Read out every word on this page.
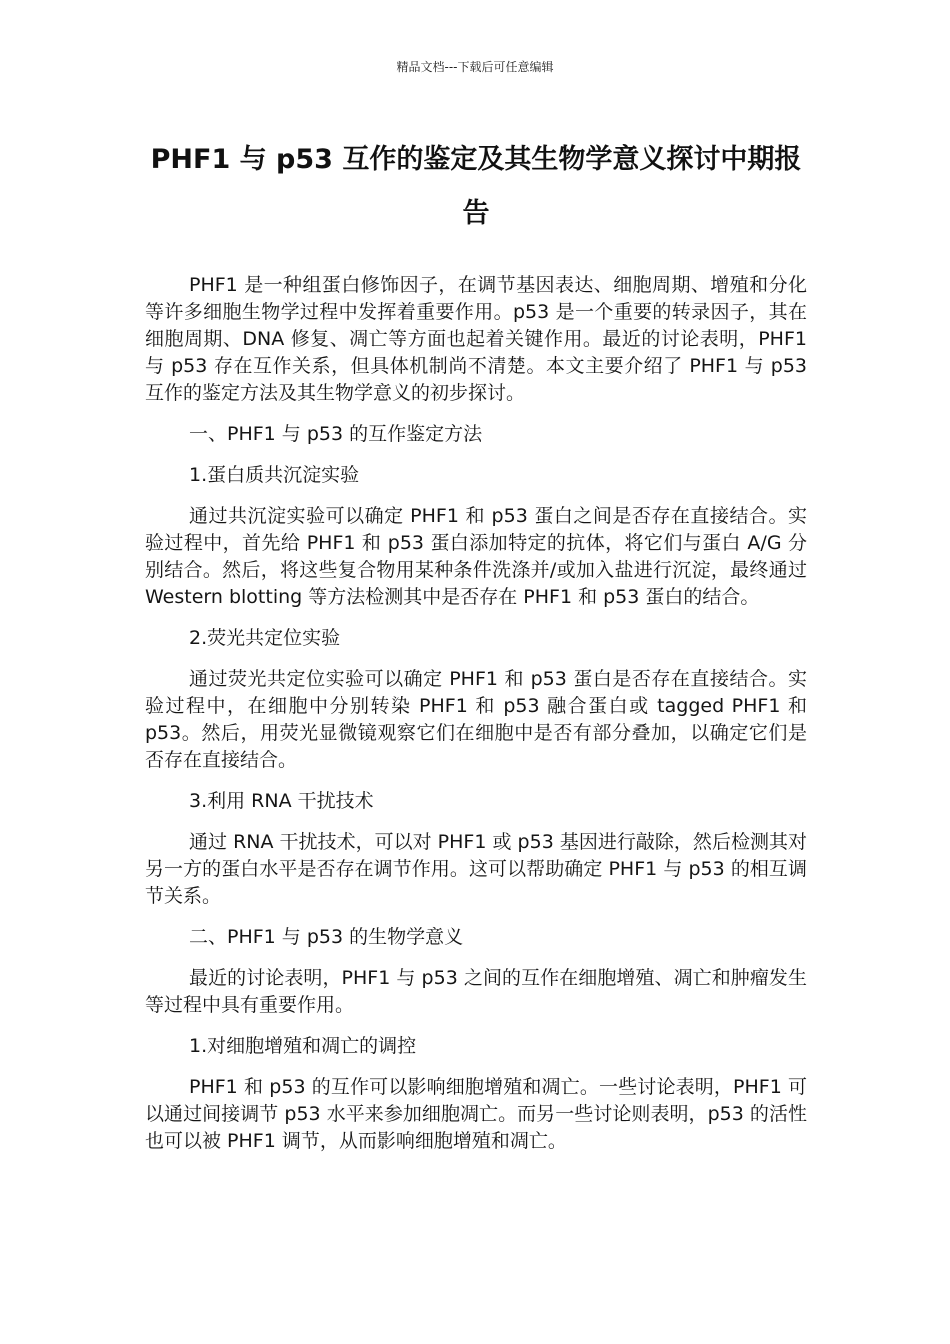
精品文档---下载后可任意编辑
PHF1 与 p53 互作的鉴定及其生物学意义探讨中期报告

PHF1 是一种组蛋白修饰因子，在调节基因表达、细胞周期、增殖和分化等许多细胞生物学过程中发挥着重要作用。p53 是一个重要的转录因子，其在细胞周期、DNA 修复、凋亡等方面也起着关键作用。最近的讨论表明，PHF1 与 p53 存在互作关系，但具体机制尚不清楚。本文主要介绍了 PHF1 与 p53 互作的鉴定方法及其生物学意义的初步探讨。

一、PHF1 与 p53 的互作鉴定方法

1.蛋白质共沉淀实验

通过共沉淀实验可以确定 PHF1 和 p53 蛋白之间是否存在直接结合。实验过程中，首先给 PHF1 和 p53 蛋白添加特定的抗体，将它们与蛋白 A/G 分别结合。然后，将这些复合物用某种条件洗涤并/或加入盐进行沉淀，最终通过 Western blotting 等方法检测其中是否存在 PHF1 和 p53 蛋白的结合。

2.荧光共定位实验

通过荧光共定位实验可以确定 PHF1 和 p53 蛋白是否存在直接结合。实验过程中，在细胞中分别转染 PHF1 和 p53 融合蛋白或 tagged PHF1 和 p53。然后，用荧光显微镜观察它们在细胞中是否有部分叠加，以确定它们是否存在直接结合。

3.利用 RNA 干扰技术

通过 RNA 干扰技术，可以对 PHF1 或 p53 基因进行敲除，然后检测其对另一方的蛋白水平是否存在调节作用。这可以帮助确定 PHF1 与 p53 的相互调节关系。

二、PHF1 与 p53 的生物学意义

最近的讨论表明，PHF1 与 p53 之间的互作在细胞增殖、凋亡和肿瘤发生等过程中具有重要作用。

1.对细胞增殖和凋亡的调控

PHF1 和 p53 的互作可以影响细胞增殖和凋亡。一些讨论表明，PHF1 可以通过间接调节 p53 水平来参加细胞凋亡。而另一些讨论则表明，p53 的活性也可以被 PHF1 调节，从而影响细胞增殖和凋亡。
